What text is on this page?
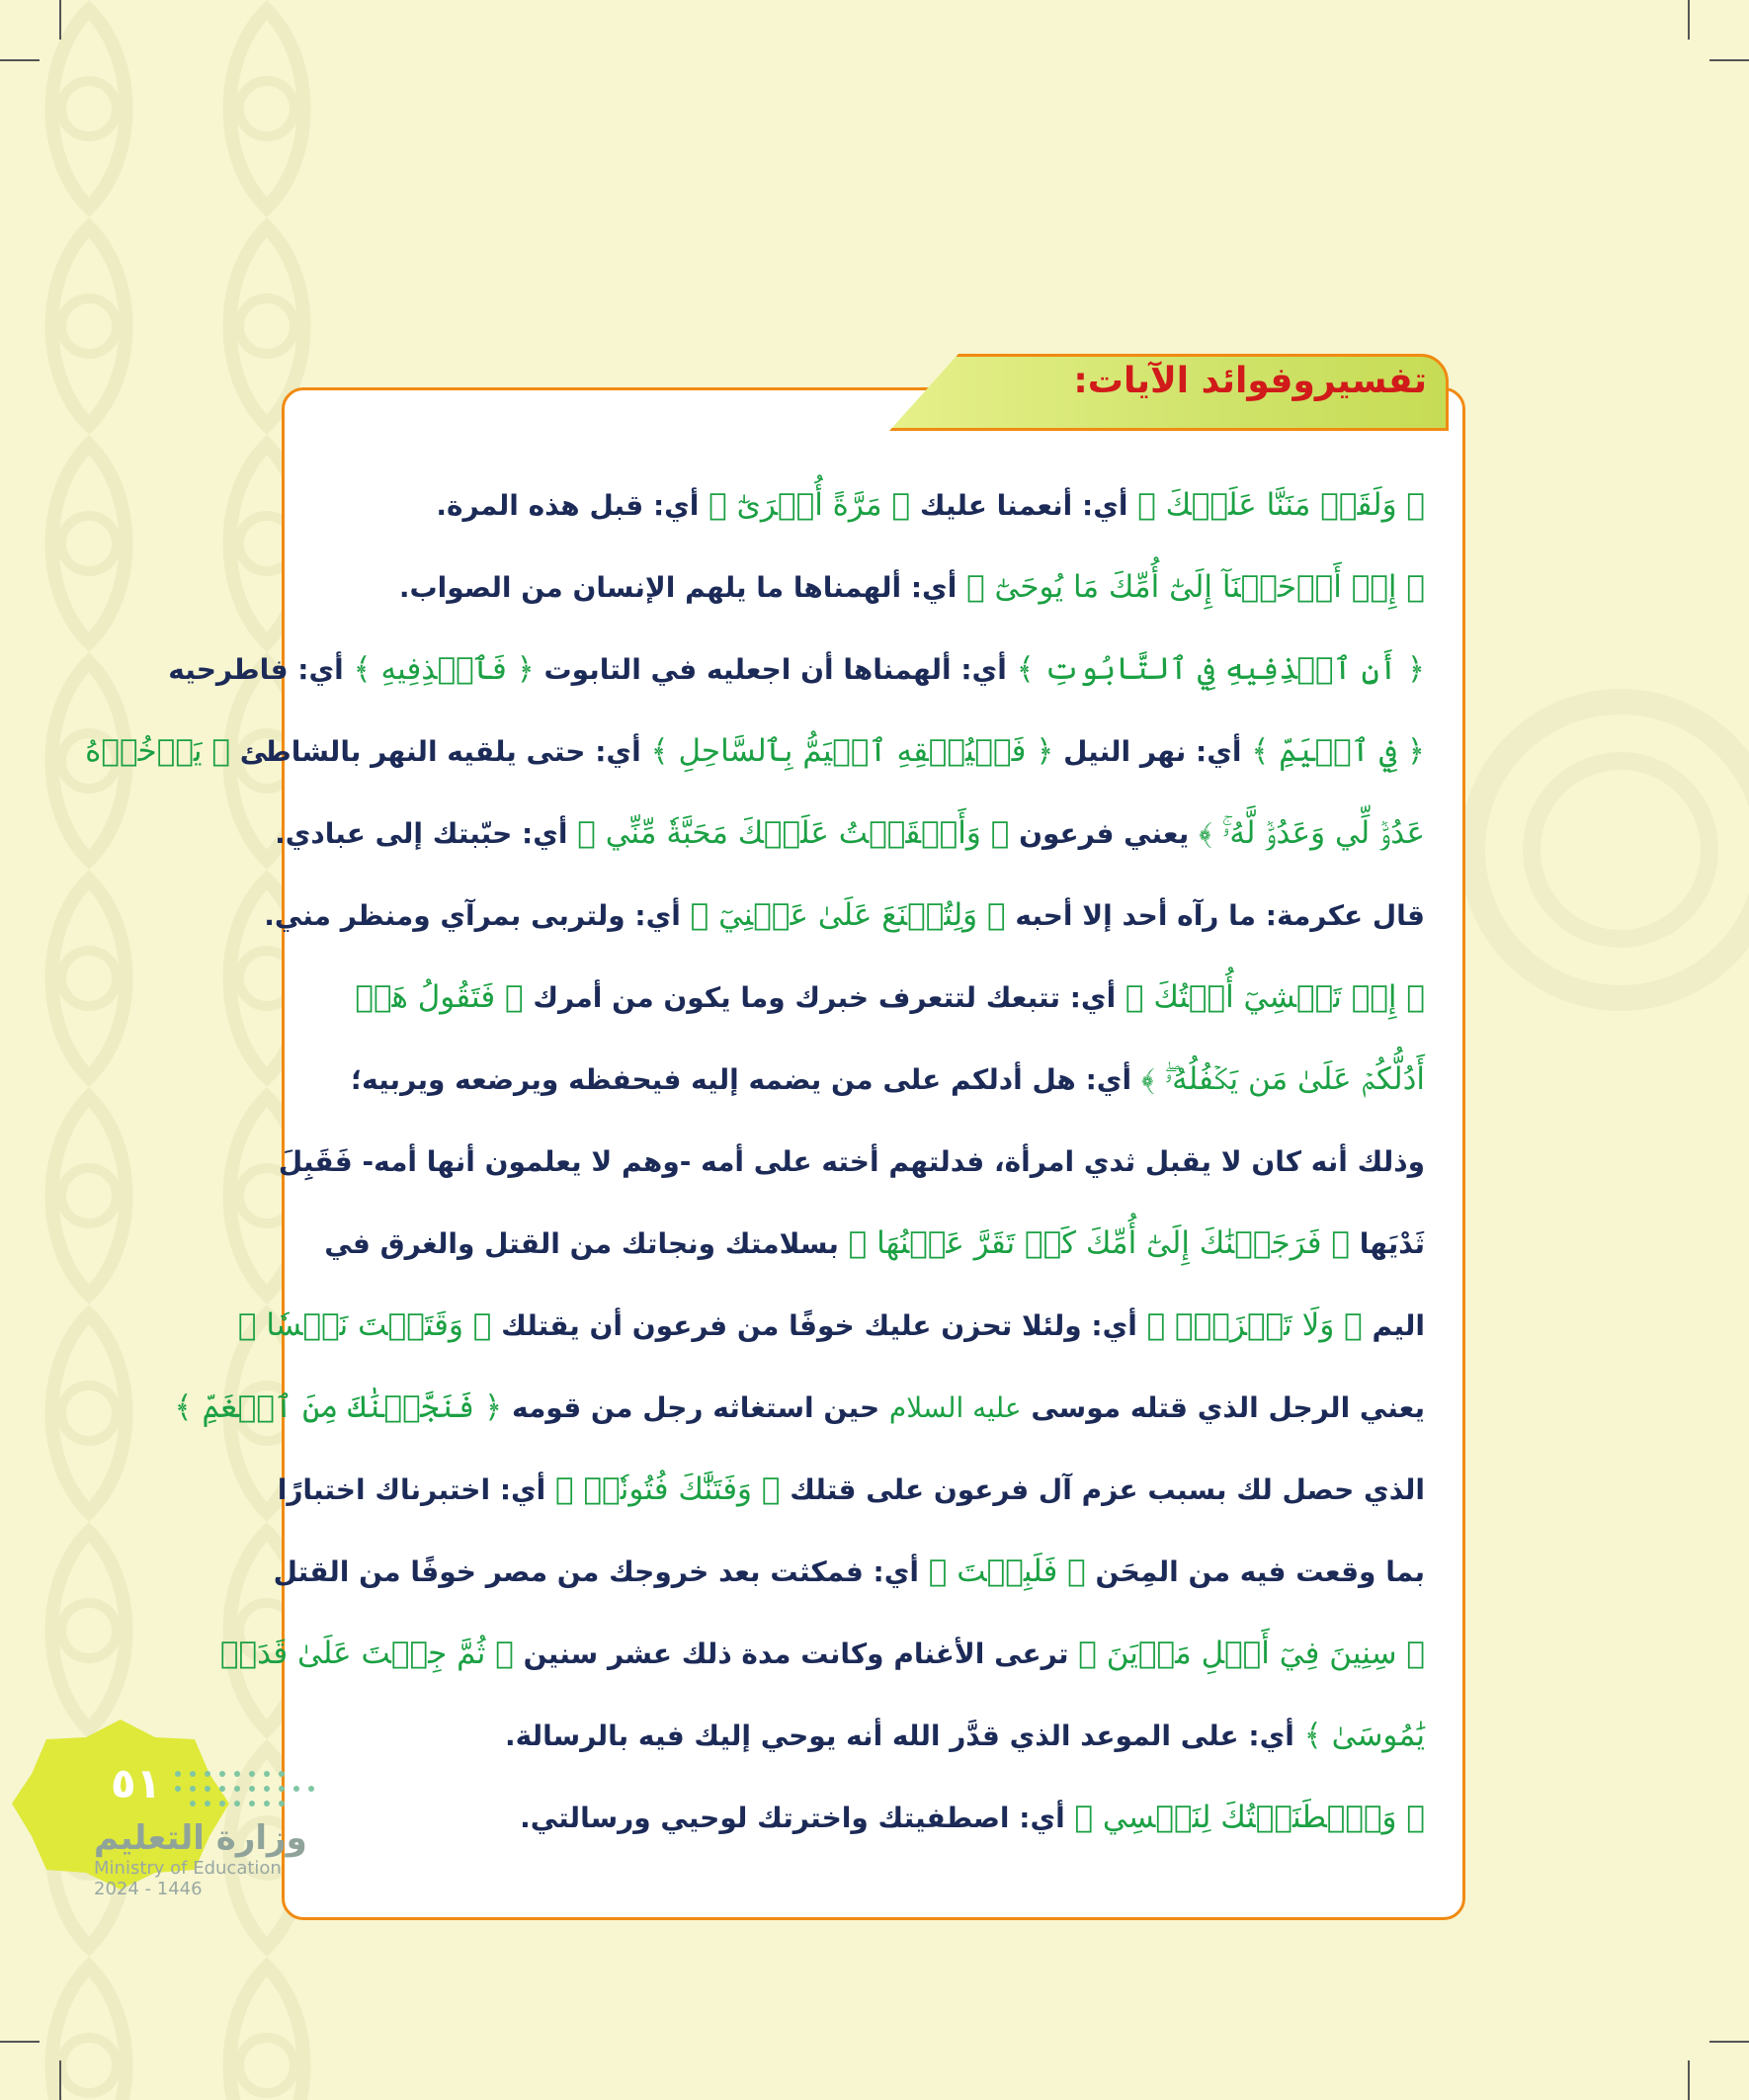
تفسيروفوائد الآيات:
﴿ وَلَقَدۡ مَنَنَّا عَلَيۡكَ ﴾ أي: أنعمنا عليك ﴿ مَرَّةً أُخۡرَىٰٓ ﴾ أي: قبل هذه المرة.
﴿ إِذۡ أَوۡحَيۡنَآ إِلَىٰٓ أُمِّكَ مَا يُوحَىٰٓ ﴾ أي: ألهمناها ما يلهم الإنسان من الصواب.
﴿ أَنِ ٱقۡذِفِيهِ فِي ٱلتَّابُوتِ ﴾ أي: ألهمناها أن اجعليه في التابوت ﴿ فَٱقۡذِفِيهِ ﴾ أي: فاطرحيه
﴿ فِي ٱلۡيَمِّ ﴾ أي: نهر النيل ﴿ فَلۡيُلۡقِهِ ٱلۡيَمُّ بِٱلسَّاحِلِ ﴾ أي: حتى يلقيه النهر بالشاطئ ﴿ يَأۡخُذۡهُ
عَدُوّٞ لِّي وَعَدُوّٞ لَّهُۥۚ ﴾ يعني فرعون ﴿ وَأَلۡقَيۡتُ عَلَيۡكَ مَحَبَّةٗ مِّنِّي ﴾ أي: حبّبتك إلى عبادي.
قال عكرمة: ما رآه أحد إلا أحبه ﴿ وَلِتُصۡنَعَ عَلَىٰ عَيۡنِيٓ ﴾ أي: ولتربى بمرآي ومنظر مني.
﴿ إِذۡ تَمۡشِيٓ أُخۡتُكَ ﴾ أي: تتبعك لتتعرف خبرك وما يكون من أمرك ﴿ فَتَقُولُ هَلۡ
أَدُلُّكُمۡ عَلَىٰ مَن يَكۡفُلُهُۥۖ ﴾ أي: هل أدلكم على من يضمه إليه فيحفظه ويرضعه ويربيه؛
وذلك أنه كان لا يقبل ثدي امرأة، فدلتهم أخته على أمه -وهم لا يعلمون أنها أمه- فَقَبِلَ
ثَدْيَها ﴿ فَرَجَعۡنَٰكَ إِلَىٰٓ أُمِّكَ كَيۡ تَقَرَّ عَيۡنُهَا ﴾ بسلامتك ونجاتك من القتل والغرق في
اليم ﴿ وَلَا تَحۡزَنَۚ ﴾ أي: ولئلا تحزن عليك خوفًا من فرعون أن يقتلك ﴿ وَقَتَلۡتَ نَفۡسٗا ﴾
يعني الرجل الذي قتله موسى عليه السلام حين استغاثه رجل من قومه ﴿ فَنَجَّيۡنَٰكَ مِنَ ٱلۡغَمِّ ﴾
الذي حصل لك بسبب عزم آل فرعون على قتلك ﴿ وَفَتَنَّٰكَ فُتُونٗاۚ ﴾ أي: اختبرناك اختبارًا
بما وقعت فيه من المِحَن ﴿ فَلَبِثۡتَ ﴾ أي: فمكثت بعد خروجك من مصر خوفًا من القتل
﴿ سِنِينَ فِيٓ أَهۡلِ مَدۡيَنَ ﴾ ترعى الأغنام وكانت مدة ذلك عشر سنين ﴿ ثُمَّ جِئۡتَ عَلَىٰ قَدَرٖ
يَٰمُوسَىٰ ﴾ أي: على الموعد الذي قدَّر الله أنه يوحي إليك فيه بالرسالة.
﴿ وَٱصۡطَنَعۡتُكَ لِنَفۡسِي ﴾ أي: اصطفيتك واخترتك لوحيي ورسالتي.
٥١
وزارة التعليم
Ministry of Education
2024 - 1446
